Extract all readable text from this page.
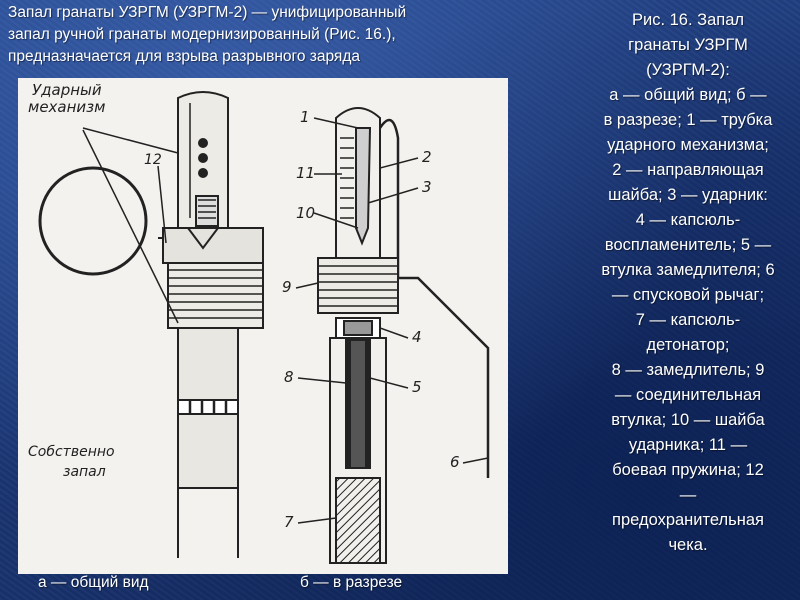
Запал гранаты УЗРГМ (УЗРГМ-2) — унифицированный
запал ручной гранаты модернизированный (Рис. 16.),
предназначается для взрыва разрывного заряда
Ударный
механизм
Собственно
запал
12
1
2
3
11
10
9
4
5
8
7
6
а — общий вид	б — в разрезе
Рис. 16. Запал
гранаты УЗРГМ
(УЗРГМ-2):
а — общий вид; б —
в разрезе; 1 — трубка
ударного механизма;
2 — направляющая
шайба; 3 — ударник:
4 — капсюль-
воспламенитель; 5 —
втулка замедлителя; 6
— спусковой рычаг;
7 — капсюль-
детонатор;
8 — замедлитель; 9
— соединительная
втулка; 10 — шайба
ударника; 11 —
боевая пружина; 12
—
предохранительная
чека.
